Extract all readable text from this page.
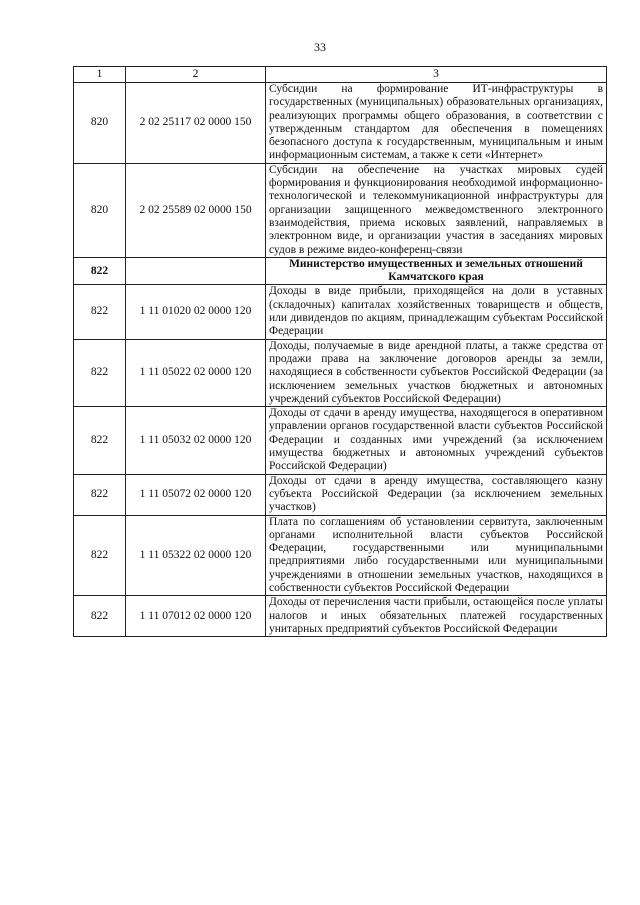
33
1	2	3
820	2 02 25117 02 0000 150	Субсидии на формирование ИТ-инфраструктуры в государственных (муниципальных) образовательных организациях, реализующих программы общего образования, в соответствии с утвержденным стандартом для обеспечения в помещениях безопасного доступа к государственным, муниципальным и иным информационным системам, а также к сети «Интернет»
820	2 02 25589 02 0000 150	Субсидии на обеспечение на участках мировых судей формирования и функционирования необходимой информационно-технологической и телекоммуникационной инфраструктуры для организации защищенного межведомственного электронного взаимодействия, приема исковых заявлений, направляемых в электронном виде, и организации участия в заседаниях мировых судов в режиме видео-конференц-связи
822		Министерство имущественных и земельных отношений Камчатского края
822	1 11 01020 02 0000 120	Доходы в виде прибыли, приходящейся на доли в уставных (складочных) капиталах хозяйственных товариществ и обществ, или дивидендов по акциям, принадлежащим субъектам Российской Федерации
822	1 11 05022 02 0000 120	Доходы, получаемые в виде арендной платы, а также средства от продажи права на заключение договоров аренды за земли, находящиеся в собственности субъектов Российской Федерации (за исключением земельных участков бюджетных и автономных учреждений субъектов Российской Федерации)
822	1 11 05032 02 0000 120	Доходы от сдачи в аренду имущества, находящегося в оперативном управлении органов государственной власти субъектов Российской Федерации и созданных ими учреждений (за исключением имущества бюджетных и автономных учреждений субъектов Российской Федерации)
822	1 11 05072 02 0000 120	Доходы от сдачи в аренду имущества, составляющего казну субъекта Российской Федерации (за исключением земельных участков)
822	1 11 05322 02 0000 120	Плата по соглашениям об установлении сервитута, заключенным органами исполнительной власти субъектов Российской Федерации, государственными или муниципальными предприятиями либо государственными или муниципальными учреждениями в отношении земельных участков, находящихся в собственности субъектов Российской Федерации
822	1 11 07012 02 0000 120	Доходы от перечисления части прибыли, остающейся после уплаты налогов и иных обязательных платежей государственных унитарных предприятий субъектов Российской Федерации
